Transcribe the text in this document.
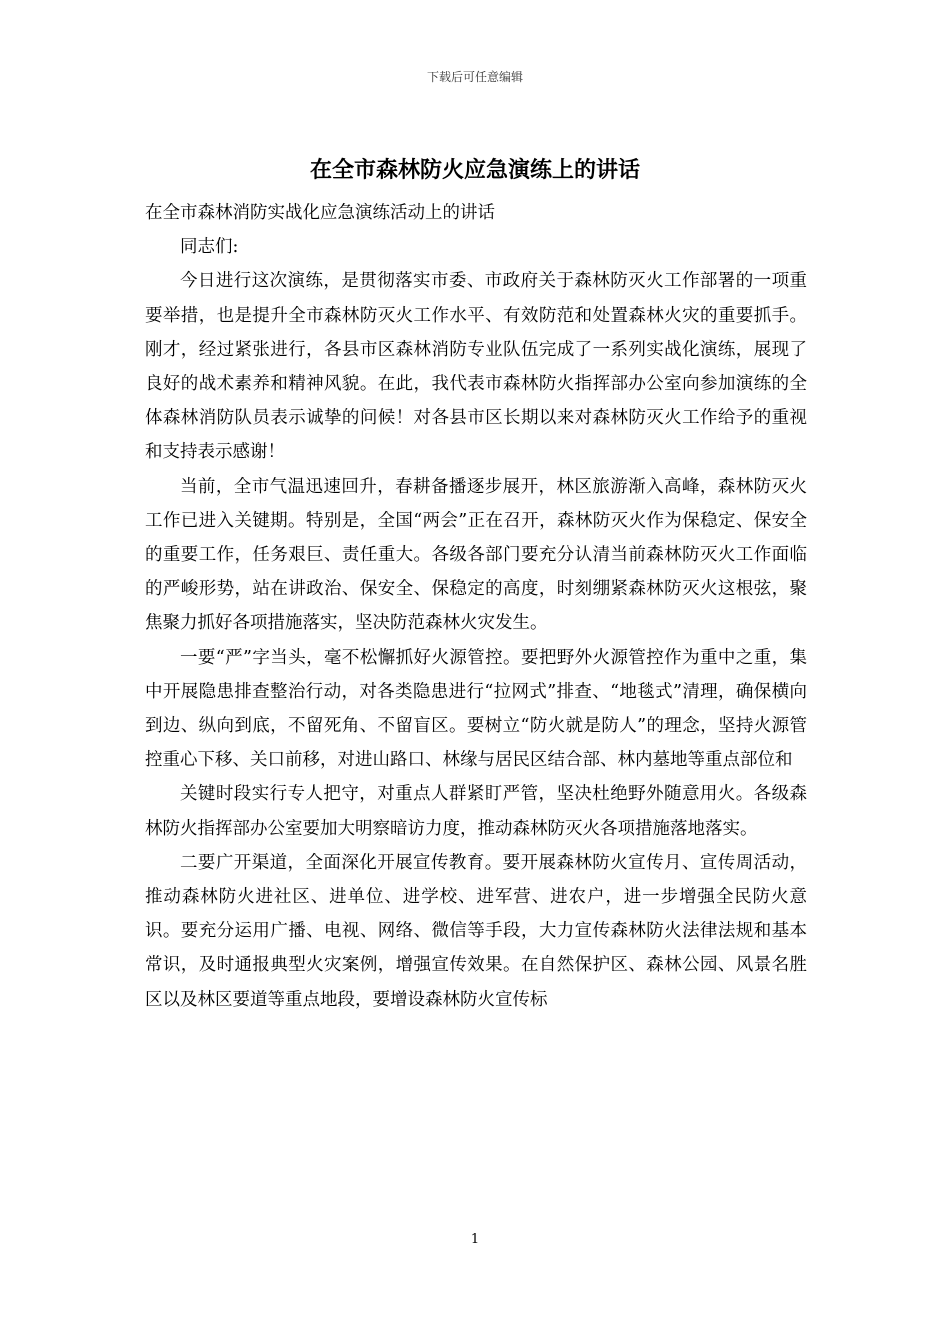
下载后可任意编辑
在全市森林防火应急演练上的讲话

在全市森林消防实战化应急演练活动上的讲话

同志们:

今日进行这次演练，是贯彻落实市委、市政府关于森林防灭火工作部署的一项重要举措，也是提升全市森林防灭火工作水平、有效防范和处置森林火灾的重要抓手。刚才，经过紧张进行，各县市区森林消防专业队伍完成了一系列实战化演练，展现了良好的战术素养和精神风貌。在此，我代表市森林防火指挥部办公室向参加演练的全体森林消防队员表示诚挚的问候！对各县市区长期以来对森林防灭火工作给予的重视和支持表示感谢！

当前，全市气温迅速回升，春耕备播逐步展开，林区旅游渐入高峰，森林防灭火工作已进入关键期。特别是，全国“两会”正在召开，森林防灭火作为保稳定、保安全的重要工作，任务艰巨、责任重大。各级各部门要充分认清当前森林防灭火工作面临的严峻形势，站在讲政治、保安全、保稳定的高度，时刻绷紧森林防灭火这根弦，聚焦聚力抓好各项措施落实，坚决防范森林火灾发生。

一要“严”字当头，毫不松懈抓好火源管控。要把野外火源管控作为重中之重，集中开展隐患排查整治行动，对各类隐患进行“拉网式”排查、“地毯式”清理，确保横向到边、纵向到底，不留死角、不留盲区。要树立“防火就是防人”的理念，坚持火源管控重心下移、关口前移，对进山路口、林缘与居民区结合部、林内墓地等重点部位和

关键时段实行专人把守，对重点人群紧盯严管，坚决杜绝野外随意用火。各级森林防火指挥部办公室要加大明察暗访力度，推动森林防灭火各项措施落地落实。

二要广开渠道，全面深化开展宣传教育。要开展森林防火宣传月、宣传周活动，推动森林防火进社区、进单位、进学校、进军营、进农户，进一步增强全民防火意识。要充分运用广播、电视、网络、微信等手段，大力宣传森林防火法律法规和基本常识，及时通报典型火灾案例，增强宣传效果。在自然保护区、森林公园、风景名胜区以及林区要道等重点地段，要增设森林防火宣传标

1
